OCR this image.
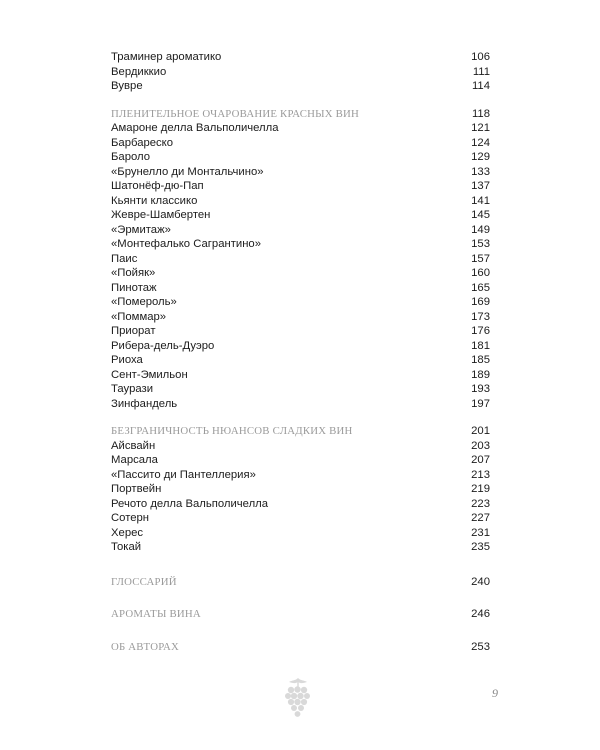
Траминер ароматико	106
Вердиккио	111
Вувре	114
ПЛЕНИТЕЛЬНОЕ ОЧАРОВАНИЕ КРАСНЫХ ВИН	118
Амароне делла Вальполичелла	121
Барбареско	124
Бароло	129
«Брунелло ди Монтальчино»	133
Шатонёф-дю-Пап	137
Кьянти классико	141
Жевре-Шамбертен	145
«Эрмитаж»	149
«Монтефалько Сагрантино»	153
Паис	157
«Пойяк»	160
Пинотаж	165
«Помероль»	169
«Поммар»	173
Приорат	176
Рибера-дель-Дуэро	181
Риоха	185
Сент-Эмильон	189
Таурази	193
Зинфандель	197
БЕЗГРАНИЧНОСТЬ НЮАНСОВ СЛАДКИХ ВИН	201
Айсвайн	203
Марсала	207
«Пассито ди Пантеллерия»	213
Портвейн	219
Речото делла Вальполичелла	223
Сотерн	227
Херес	231
Токай	235
ГЛОССАРИЙ	240
АРОМАТЫ ВИНА	246
ОБ АВТОРАХ	253
9
